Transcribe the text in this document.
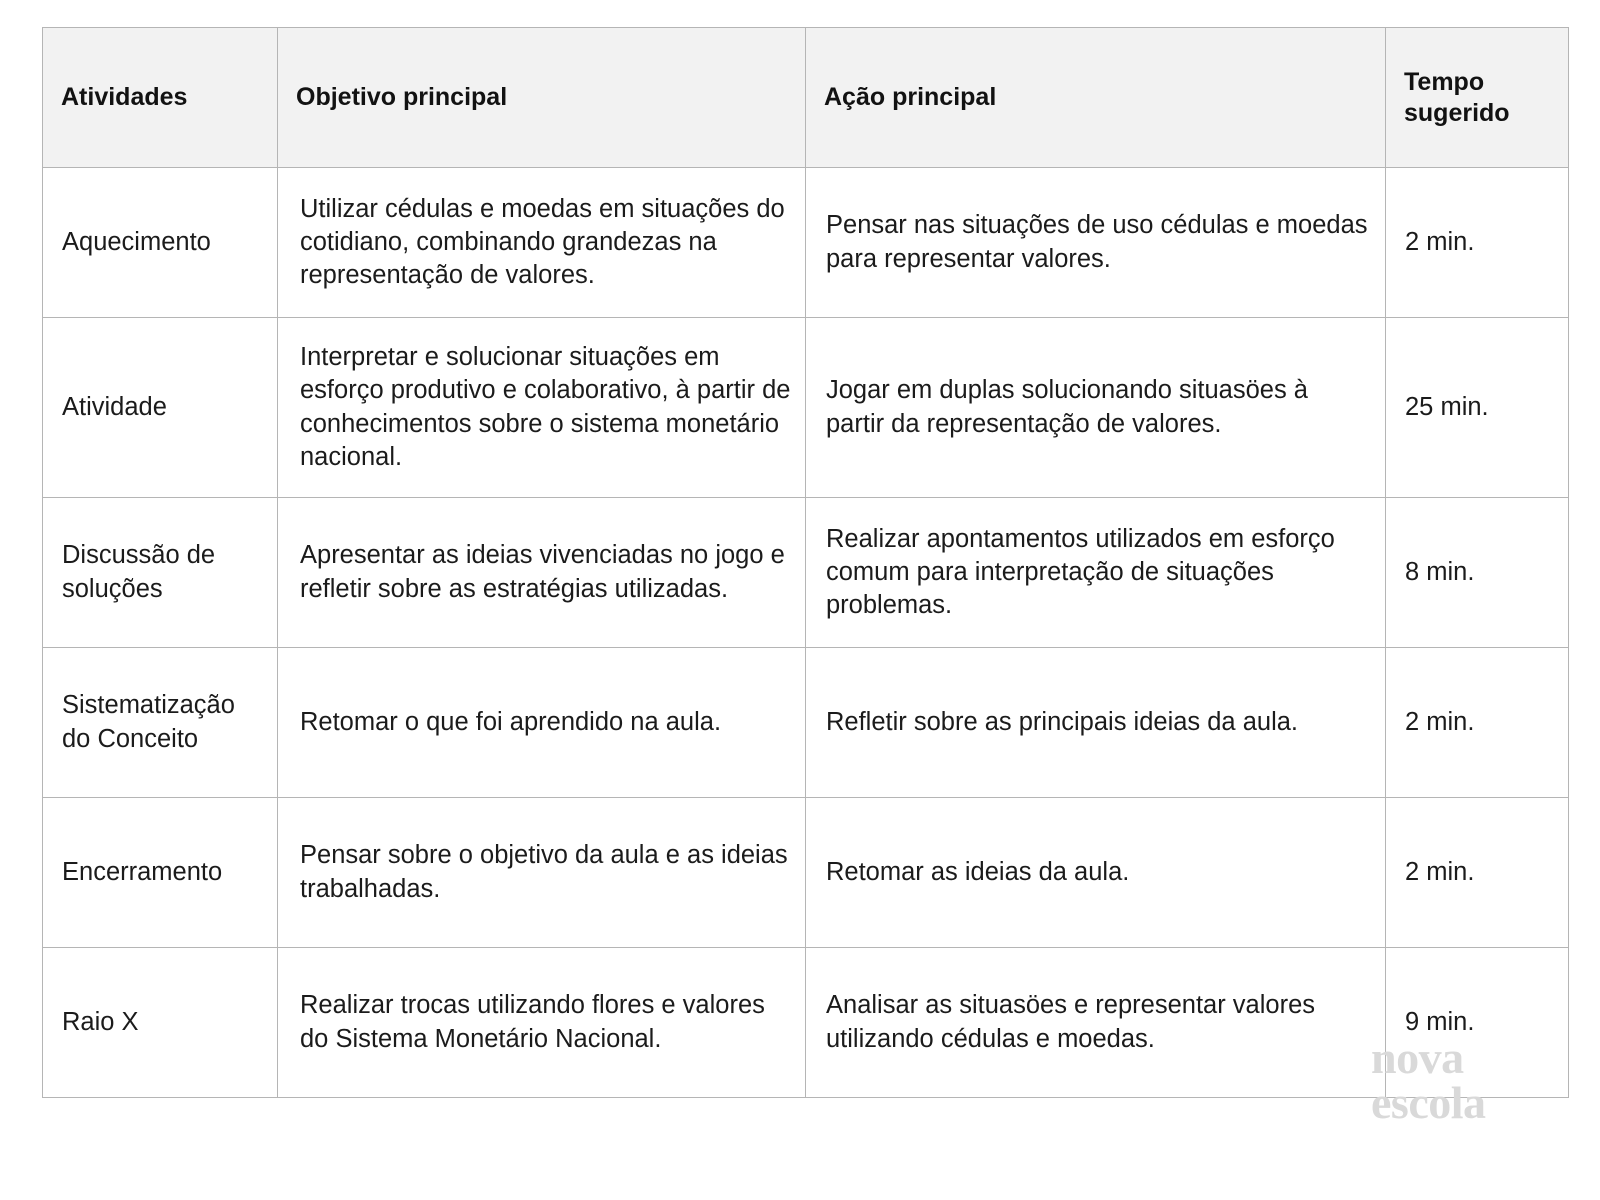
Atividades	Objetivo principal	Ação principal	Tempo sugerido
Aquecimento	Utilizar cédulas e moedas em situações do cotidiano, combinando grandezas na representação de valores.	Pensar nas situações de uso cédulas e moedas para representar valores.	2 min.
Atividade	Interpretar e solucionar situações em esforço produtivo e colaborativo, à partir de conhecimentos sobre o sistema monetário nacional.	Jogar em duplas solucionando situasöes à partir da representação de valores.	25 min.
Discussão de soluções	Apresentar as ideias vivenciadas no jogo e refletir sobre as estratégias utilizadas.	Realizar apontamentos utilizados em esforço comum para interpretação de situações problemas.	8 min.
Sistematização do Conceito	Retomar o que foi aprendido na aula.	Refletir sobre as principais ideias da aula.	2 min.
Encerramento	Pensar sobre o objetivo da aula e as ideias trabalhadas.	Retomar as ideias da aula.	2 min.
Raio X	Realizar trocas utilizando flores e valores do Sistema Monetário Nacional.	Analisar as situasöes e representar valores utilizando cédulas e moedas.	9 min.
nova
escola
